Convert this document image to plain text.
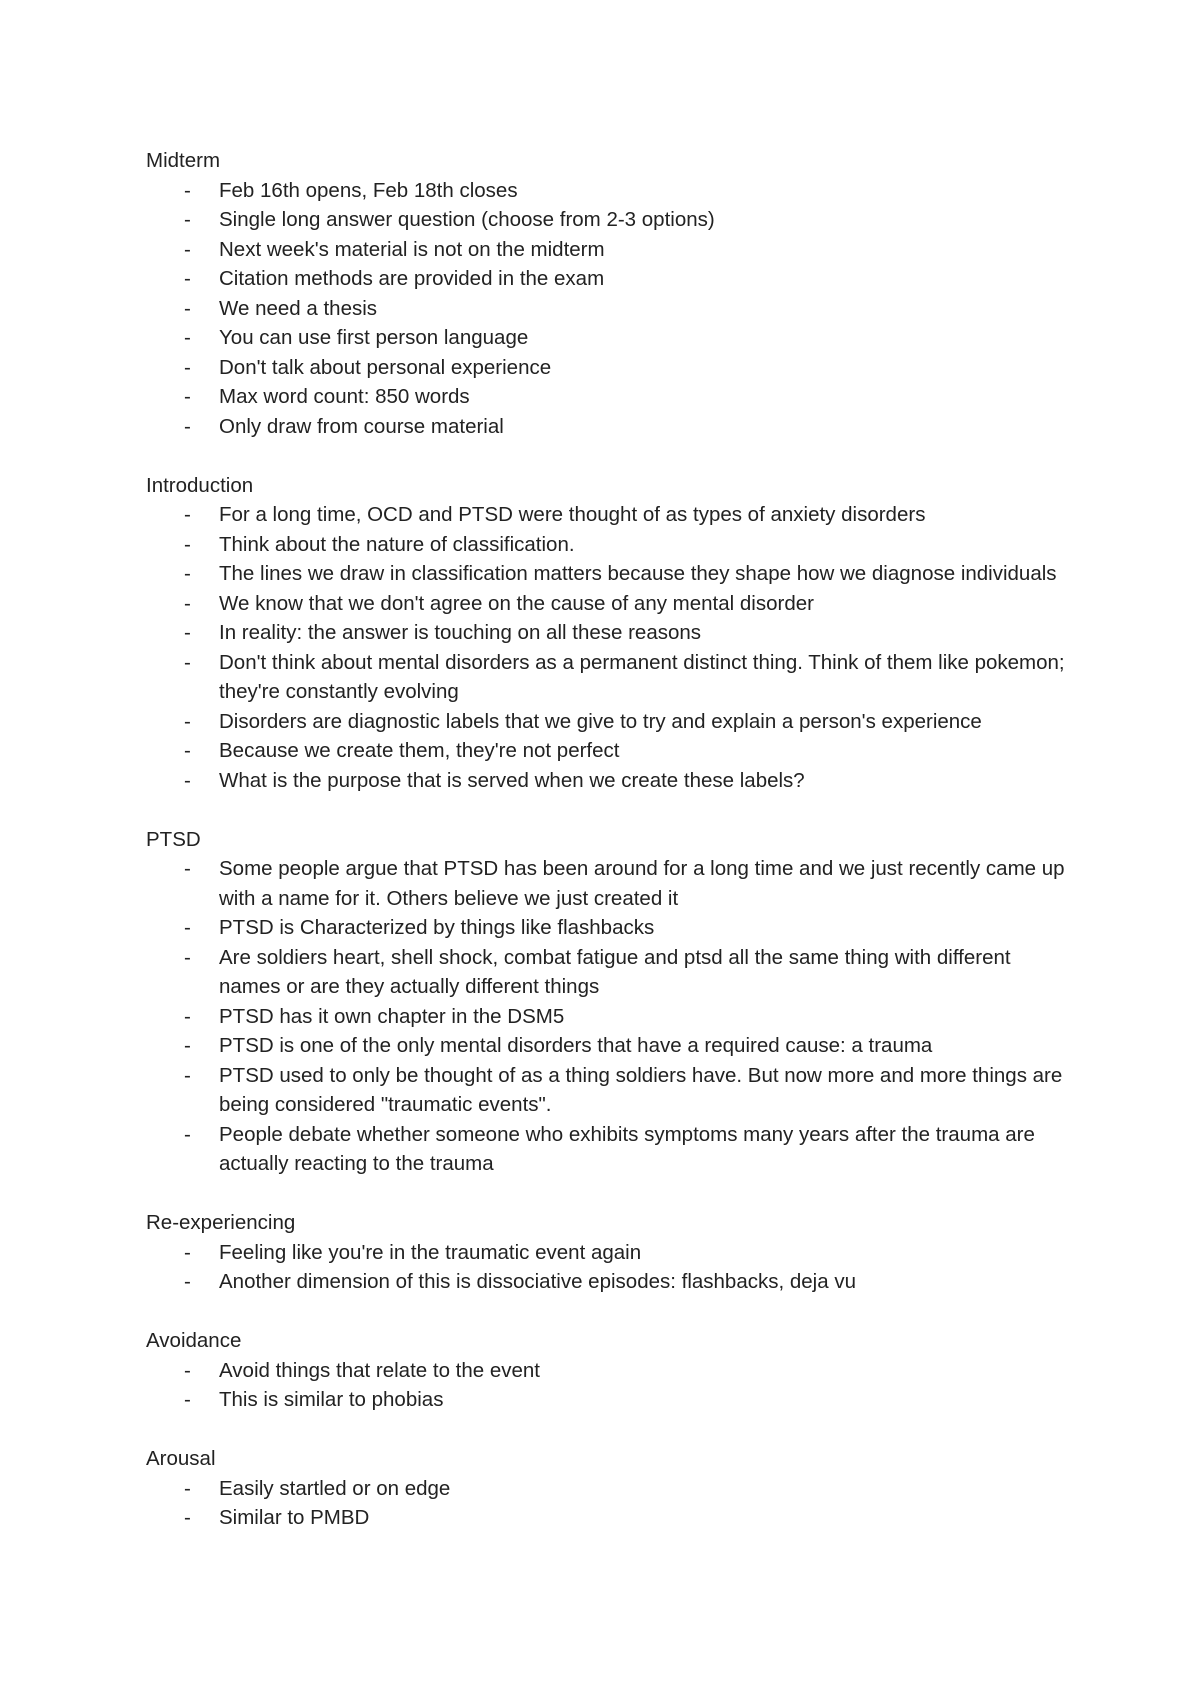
Midterm
- Feb 16th opens, Feb 18th closes
- Single long answer question (choose from 2-3 options)
- Next week's material is not on the midterm
- Citation methods are provided in the exam
- We need a thesis
- You can use first person language
- Don't talk about personal experience
- Max word count: 850 words
- Only draw from course material
Introduction
- For a long time, OCD and PTSD were thought of as types of anxiety disorders
- Think about the nature of classification.
- The lines we draw in classification matters because they shape how we diagnose individuals
- We know that we don't agree on the cause of any mental disorder
- In reality: the answer is touching on all these reasons
- Don't think about mental disorders as a permanent distinct thing. Think of them like pokemon; they're constantly evolving
- Disorders are diagnostic labels that we give to try and explain a person's experience
- Because we create them, they're not perfect
- What is the purpose that is served when we create these labels?
PTSD
- Some people argue that PTSD has been around for a long time and we just recently came up with a name for it. Others believe we just created it
- PTSD is Characterized by things like flashbacks
- Are soldiers heart, shell shock, combat fatigue and ptsd all the same thing with different names or are they actually different things
- PTSD has it own chapter in the DSM5
- PTSD is one of the only mental disorders that have a required cause: a trauma
- PTSD used to only be thought of as a thing soldiers have. But now more and more things are being considered "traumatic events".
- People debate whether someone who exhibits symptoms many years after the trauma are actually reacting to the trauma
Re-experiencing
- Feeling like you're in the traumatic event again
- Another dimension of this is dissociative episodes: flashbacks, deja vu
Avoidance
- Avoid things that relate to the event
- This is similar to phobias
Arousal
- Easily startled or on edge
- Similar to PMBD
